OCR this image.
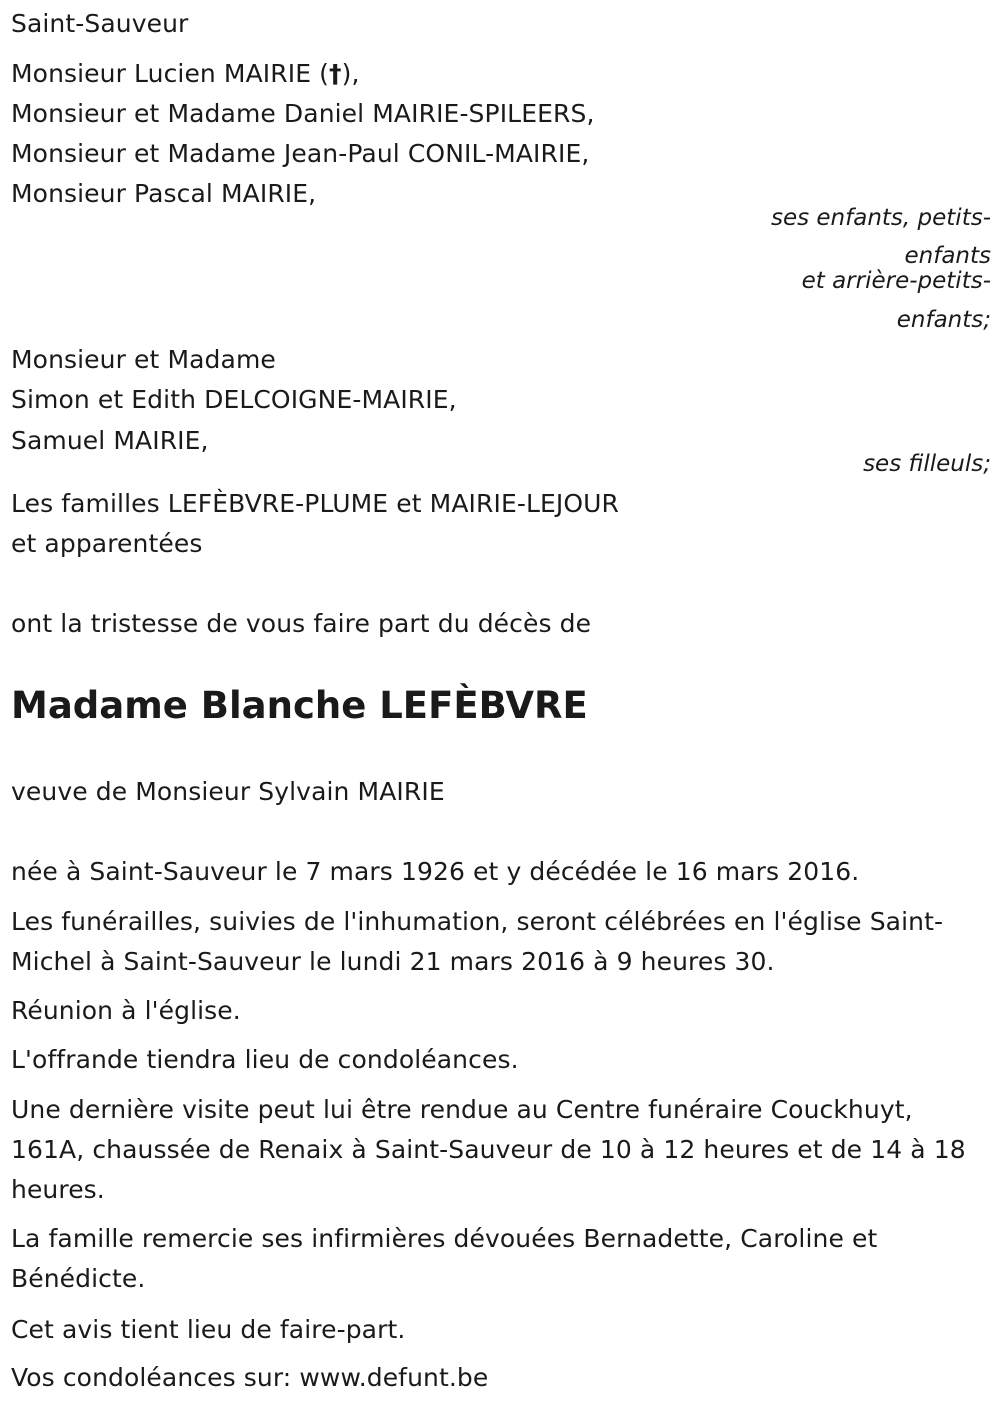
Saint-Sauveur
Monsieur Lucien MAIRIE (†),
Monsieur et Madame Daniel MAIRIE-SPILEERS,
Monsieur et Madame Jean-Paul CONIL-MAIRIE,
Monsieur Pascal MAIRIE,
ses enfants, petits-
enfants
et arrière-petits-
enfants;
Monsieur et Madame
Simon et Edith DELCOIGNE-MAIRIE,
Samuel MAIRIE,
ses filleuls;
Les familles LEFÈBVRE-PLUME et MAIRIE-LEJOUR
et apparentées
ont la tristesse de vous faire part du décès de
Madame Blanche LEFÈBVRE
veuve de Monsieur Sylvain MAIRIE
née à Saint-Sauveur le 7 mars 1926 et y décédée le 16 mars 2016.
Les funérailles, suivies de l'inhumation, seront célébrées en l'église Saint-
Michel à Saint-Sauveur le lundi 21 mars 2016 à 9 heures 30.
Réunion à l'église.
L'offrande tiendra lieu de condoléances.
Une dernière visite peut lui être rendue au Centre funéraire Couckhuyt,
161A, chaussée de Renaix à Saint-Sauveur de 10 à 12 heures et de 14 à 18
heures.
La famille remercie ses infirmières dévouées Bernadette, Caroline et
Bénédicte.
Cet avis tient lieu de faire-part.
Vos condoléances sur: www.defunt.be
